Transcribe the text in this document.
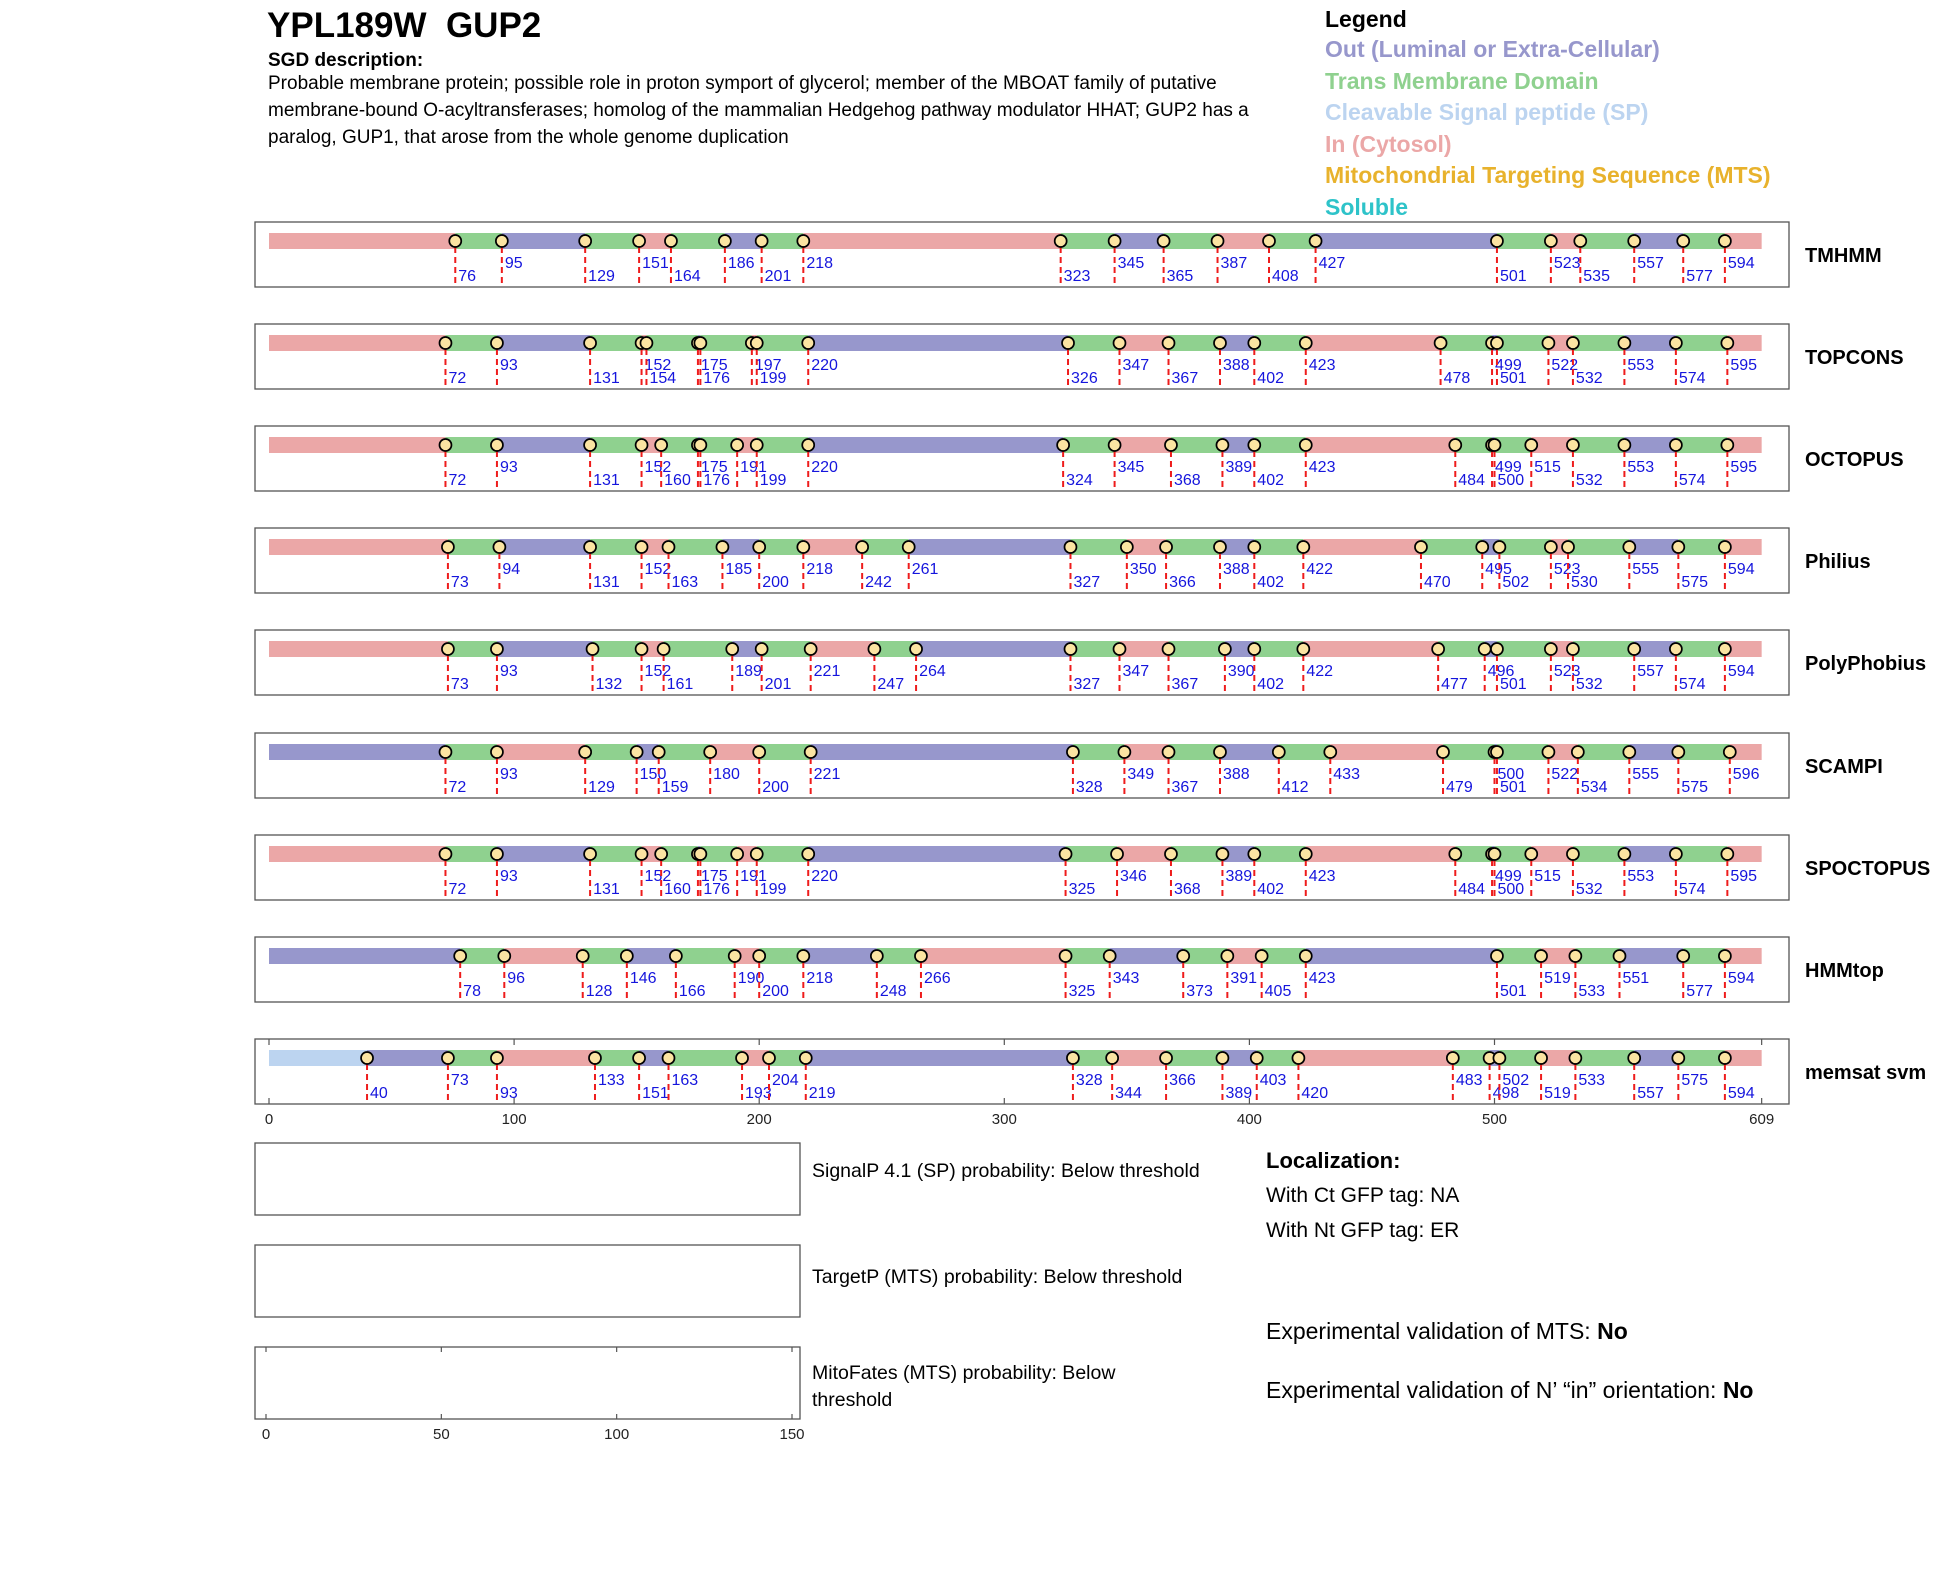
YPL189W  GUP2
SGD description:
Probable membrane protein; possible role in proton symport of glycerol; member of the MBOAT family of putative membrane-bound O-acyltransferases; homolog of the mammalian Hedgehog pathway modulator HHAT; GUP2 has a paralog, GUP1, that arose from the whole genome duplication
Legend
Out (Luminal or Extra-Cellular)
Trans Membrane Domain
Cleavable Signal peptide (SP)
In (Cytosol)
Mitochondrial Targeting Sequence (MTS)
Soluble
76
95
129
151
164
186
201
218
323
345
365
387
408
427
501
523
535
557
577
594	TMHMM
72
93
131
152
154
175
176
197
199
220
326
347
367
388
402
423
478
499
501
522
532
553
574
595 TOPCONS
72
93
131
152
160
175
176
191
199
220
324
345
368
389
402
423
484
499
500
515
532
553
574
595 OCTOPUS
73
94
131
152
163
185
200
218
242
261
327
350
366
388
402
422
470
495
502
523
530
555
575
594	Philius
73
93
132
152
161
189
201
221
247
264
327
347
367
390
402
422
477
496
501
523
532
557
574
594	PolyPhobius
72
93
129
150
159
180
200
221
328
349
367
388
412
433
479
500
501
522
534
555
575
596 SCAMPI
72
93
131
152
160
175
176
191
199
220
325
346
368
389
402
423
484
499
500
515
532
553
574
595 SPOCTOPUS
78
96
128
146
166
190
200
218
248
266
325
343
373
391
405
423
501
519
533
551
577
594	HMMtop
40
73
93
133
151
163
193
204
219
328
344
366
389
403
420
483
498
502
519
533
557
575
594
memsat svm
0	100	200	300	400	500	609
0	50	100	150
SignalP 4.1 (SP) probability: Below threshold
TargetP (MTS) probability: Below threshold
MitoFates (MTS) probability: Below threshold
Localization:
With Ct GFP tag: NA
With Nt GFP tag: ER
Experimental validation of MTS: No
Experimental validation of N’ “in” orientation: No
